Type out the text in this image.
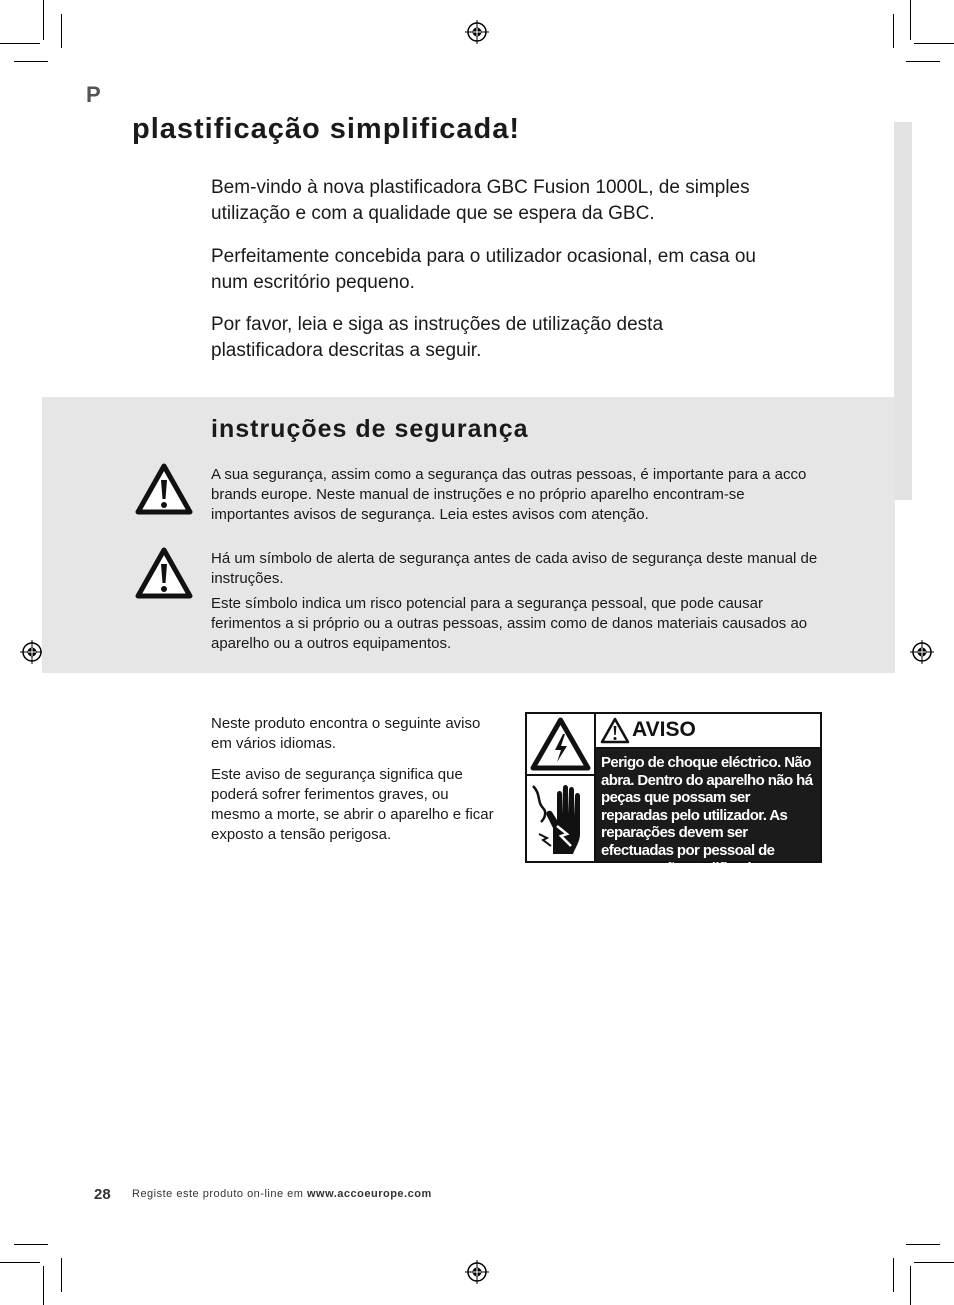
P
plastificação simplificada!

Bem-vindo à nova plastificadora GBC Fusion 1000L, de simples utilização e com a qualidade que se espera da GBC.

Perfeitamente concebida para o utilizador ocasional, em casa ou num escritório pequeno.

Por favor, leia e siga as instruções de utilização desta plastificadora descritas a seguir.

instruções de segurança

A sua segurança, assim como a segurança das outras pessoas, é importante para a acco brands europe. Neste manual de instruções e no próprio aparelho encontram-se importantes avisos de segurança. Leia estes avisos com atenção.

Há um símbolo de alerta de segurança antes de cada aviso de segurança deste manual de instruções.

Este símbolo indica um risco potencial para a segurança pessoal, que pode causar ferimentos a si próprio ou a outras pessoas, assim como de danos materiais causados ao aparelho ou a outros equipamentos.

Neste produto encontra o seguinte aviso em vários idiomas.

Este aviso de segurança significa que poderá sofrer ferimentos graves, ou mesmo a morte, se abrir o aparelho e ficar exposto a tensão perigosa.

AVISO
Perigo de choque eléctrico. Não abra. Dentro do aparelho não há peças que possam ser reparadas pelo utilizador. As reparações devem ser efectuadas por pessoal de manutenção qualificado.
28 Registe este produto on-line em www.accoeurope.com
